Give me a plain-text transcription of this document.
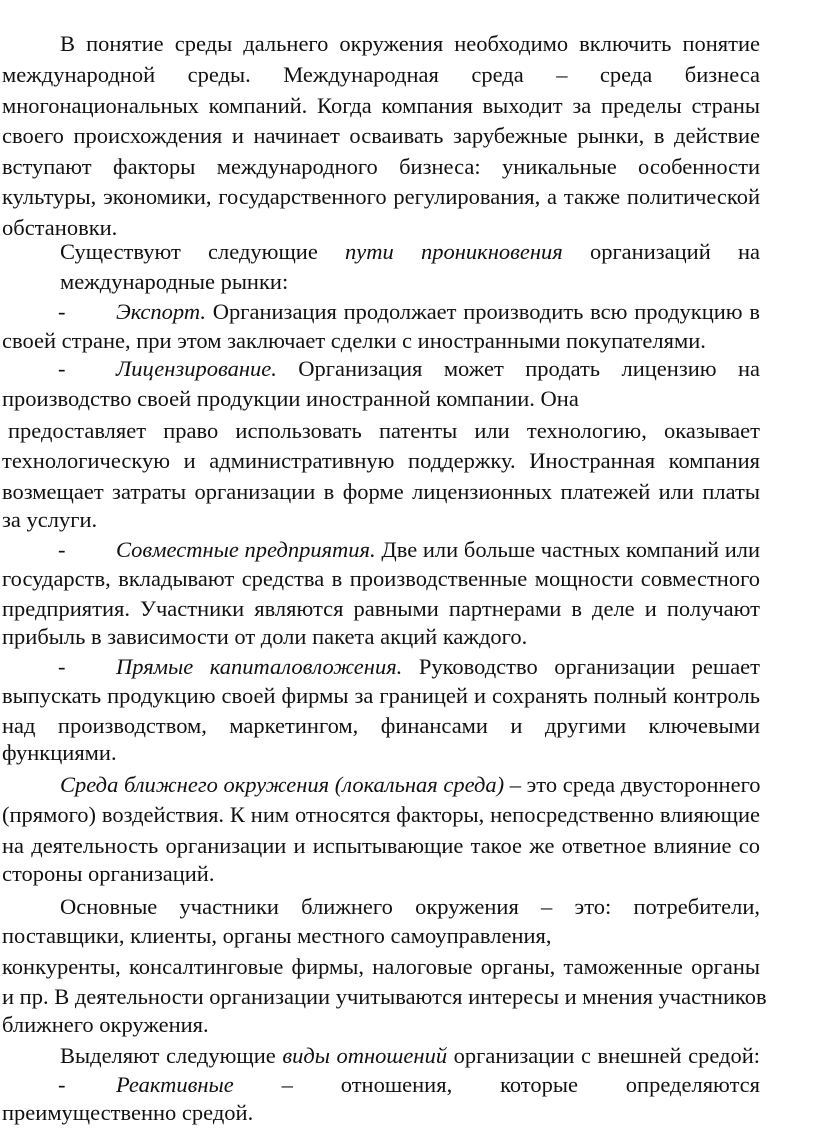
В понятие среды дальнего окружения необходимо включить понятие
международной среды. Международная среда – среда бизнеса
многонациональных компаний. Когда компания выходит за пределы страны
своего происхождения и начинает осваивать зарубежные рынки, в действие
вступают факторы международного бизнеса: уникальные особенности
культуры, экономики, государственного регулирования, а также политической
обстановки.
Существуют следующие пути проникновения организаций на
международные рынки:
-	Экспорт. Организация продолжает производить всю продукцию в
своей стране, при этом заключает сделки с иностранными покупателями.
-	Лицензирование. Организация может продать лицензию на
производство своей продукции иностранной компании. Она
предоставляет право использовать патенты или технологию, оказывает
технологическую и административную поддержку. Иностранная компания
возмещает затраты организации в форме лицензионных платежей или платы
за услуги.
-	Совместные предприятия. Две или больше частных компаний или
государств, вкладывают средства в производственные мощности совместного
предприятия. Участники являются равными партнерами в деле и получают
прибыль в зависимости от доли пакета акций каждого.
-	Прямые капиталовложения. Руководство организации решает
выпускать продукцию своей фирмы за границей и сохранять полный контроль
над производством, маркетингом, финансами и другими ключевыми
функциями.
Среда ближнего окружения (локальная среда) – это среда двустороннего
(прямого) воздействия. К ним относятся факторы, непосредственно влияющие
на деятельность организации и испытывающие такое же ответное влияние со
стороны организаций.
Основные участники ближнего окружения – это: потребители,
поставщики, клиенты, органы местного самоуправления,
конкуренты, консалтинговые фирмы, налоговые органы, таможенные органы
и пр. В деятельности организации учитываются интересы и мнения участников
ближнего окружения.
Выделяют следующие виды отношений организации с внешней средой:
-	Реактивные – отношения, которые определяются
преимущественно средой.
